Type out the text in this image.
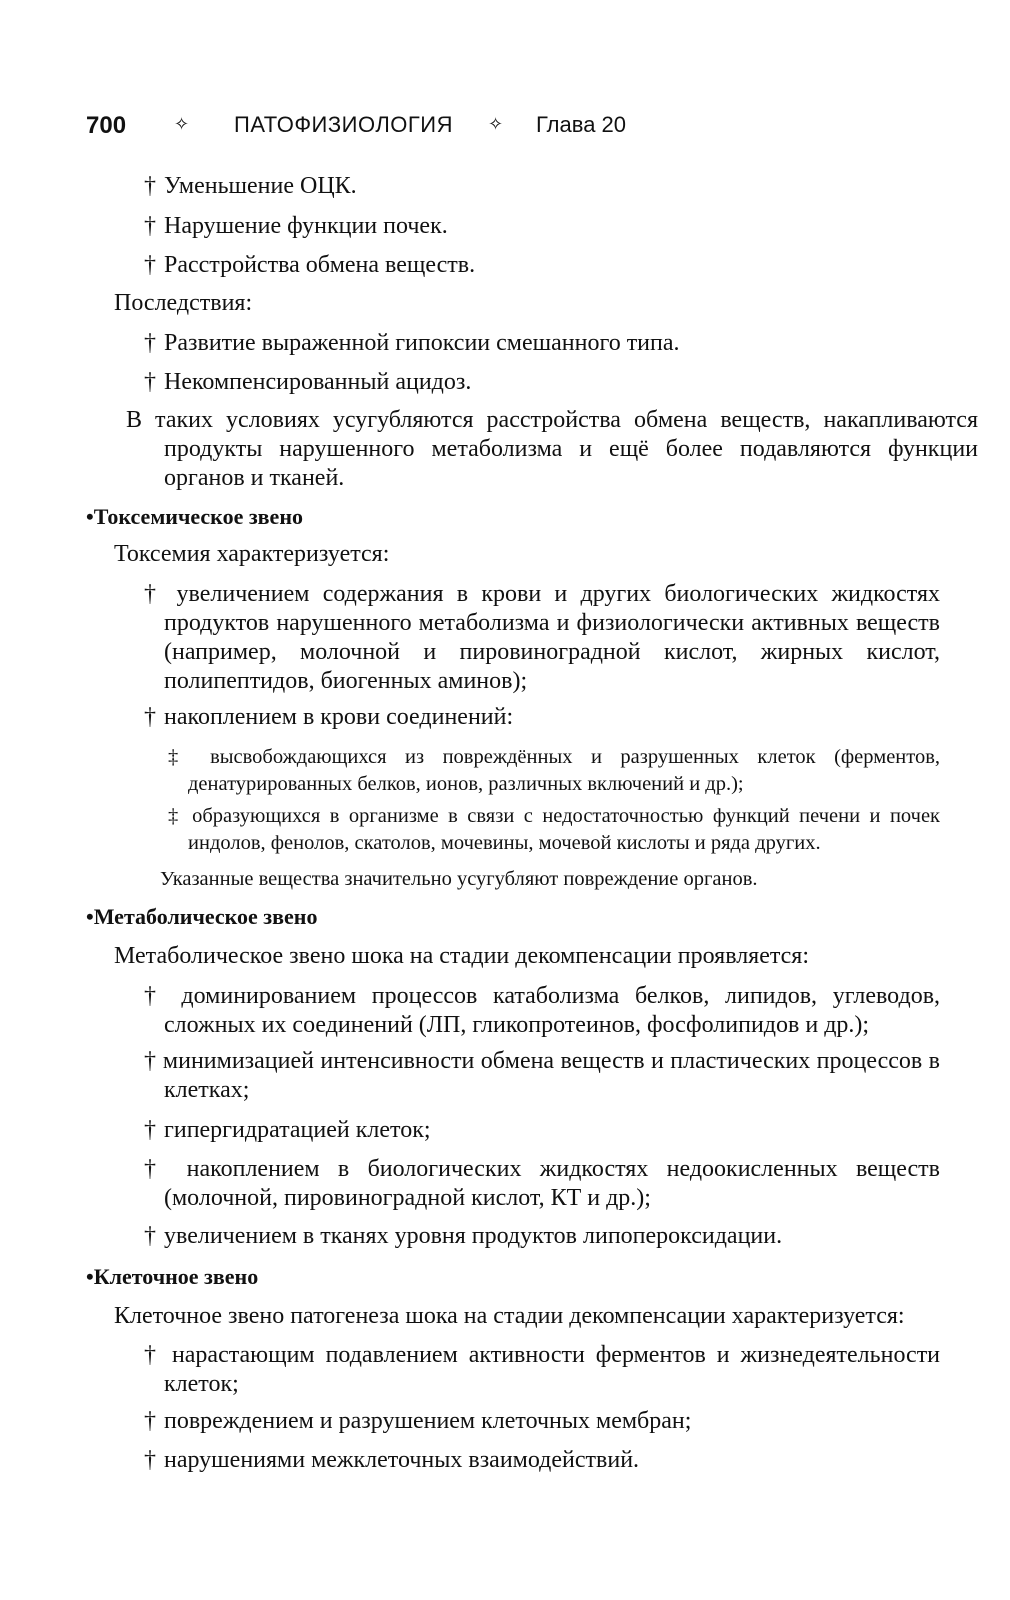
700	✧ ПАТОФИЗИОЛОГИЯ ✧ Глава 20
† Уменьшение ОЦК.
† Нарушение функции почек.
† Расстройства обмена веществ.
Последствия:
† Развитие выраженной гипоксии смешанного типа.
† Некомпенсированный ацидоз.
В таких условиях усугубляются расстройства обмена веществ, накапливаются продукты нарушенного метаболизма и ещё более подавляются функции органов и тканей.
•Токсемическое звено
Токсемия характеризуется:
† увеличением содержания в крови и других биологических жидкостях продуктов нарушенного метаболизма и физиологически активных веществ (например, молочной и пировиноградной кислот, жирных кислот, полипептидов, биогенных аминов);
† накоплением в крови соединений:
‡ высвобождающихся из повреждённых и разрушенных клеток (ферментов, денатурированных белков, ионов, различных включений и др.);
‡ образующихся в организме в связи с недостаточностью функций печени и почек индолов, фенолов, скатолов, мочевины, мочевой кислоты и ряда других.
Указанные вещества значительно усугубляют повреждение органов.
•Метаболическое звено
Метаболическое звено шока на стадии декомпенсации проявляется:
† доминированием процессов катаболизма белков, липидов, углеводов, сложных их соединений (ЛП, гликопротеинов, фосфолипидов и др.);
† минимизацией интенсивности обмена веществ и пластических процессов в клетках;
† гипергидратацией клеток;
† накоплением в биологических жидкостях недоокисленных веществ (молочной, пировиноградной кислот, КТ и др.);
† увеличением в тканях уровня продуктов липопероксидации.
•Клеточное звено
Клеточное звено патогенеза шока на стадии декомпенсации характеризуется:
† нарастающим подавлением активности ферментов и жизнедеятельности клеток;
† повреждением и разрушением клеточных мембран;
† нарушениями межклеточных взаимодействий.
